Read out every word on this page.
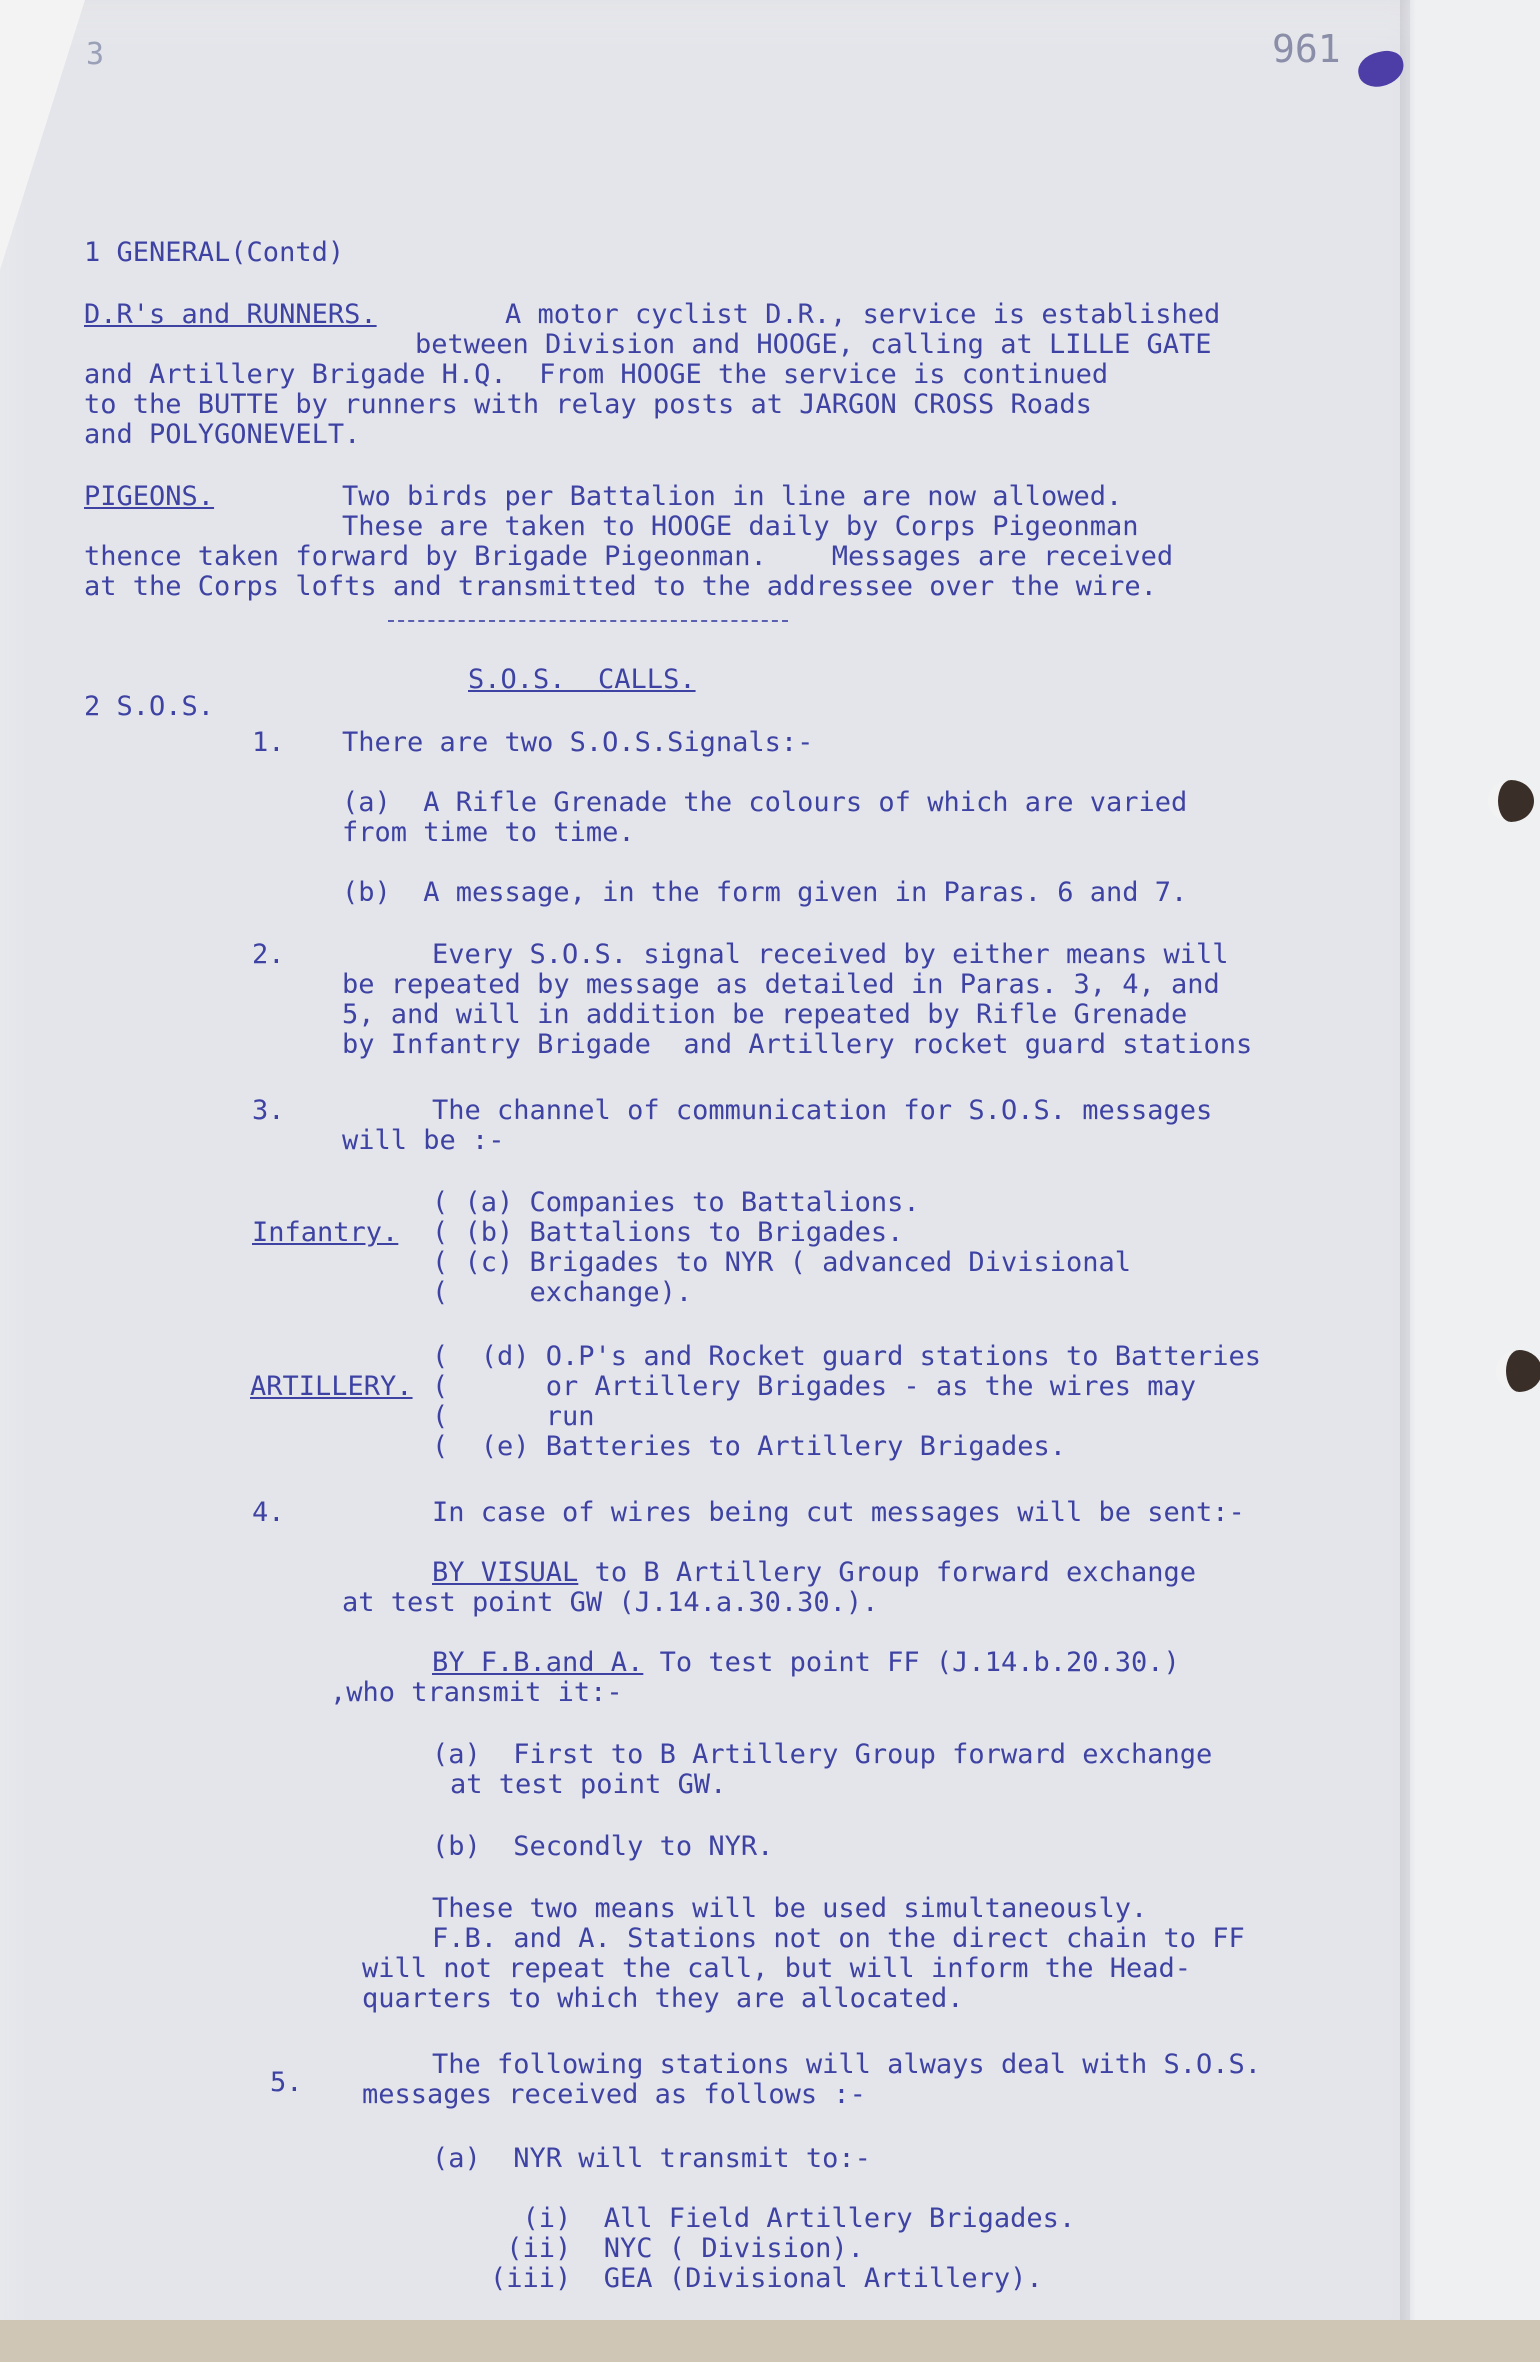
3	961
1 GENERAL(Contd)
D.R's and RUNNERS.	A motor cyclist D.R., service is established
between Division and HOOGE, calling at LILLE GATE
and Artillery Brigade H.Q.  From HOOGE the service is continued
to the BUTTE by runners with relay posts at JARGON CROSS Roads
and POLYGONEVELT.
PIGEONS.	Two birds per Battalion in line are now allowed.
These are taken to HOOGE daily by Corps Pigeonman
thence taken forward by Brigade Pigeonman.    Messages are received
at the Corps lofts and transmitted to the addressee over the wire.
S.O.S.  CALLS.
2 S.O.S.
1. There are two S.O.S.Signals:-
(a)  A Rifle Grenade the colours of which are varied
from time to time.
(b)  A message, in the form given in Paras. 6 and 7.
2.	Every S.O.S. signal received by either means will
be repeated by message as detailed in Paras. 3, 4, and
5, and will in addition be repeated by Rifle Grenade
by Infantry Brigade  and Artillery rocket guard stations
3.	The channel of communication for S.O.S. messages
will be :-
( (a) Companies to Battalions.
Infantry. ( (b) Battalions to Brigades.
( (c) Brigades to NYR ( advanced Divisional
(     exchange).
(  (d) O.P's and Rocket guard stations to Batteries
ARTILLERY. (      or Artillery Brigades - as the wires may
(      run
(  (e) Batteries to Artillery Brigades.
4.	In case of wires being cut messages will be sent:-
BY VISUAL to B Artillery Group forward exchange
at test point GW (J.14.a.30.30.).
BY F.B.and A. To test point FF (J.14.b.20.30.)
,who transmit it:-
(a)  First to B Artillery Group forward exchange
at test point GW.
(b)  Secondly to NYR.
These two means will be used simultaneously.
F.B. and A. Stations not on the direct chain to FF
will not repeat the call, but will inform the Head-
quarters to which they are allocated.
5.
The following stations will always deal with S.O.S.
messages received as follows :-
(a)  NYR will transmit to:-
(i)  All Field Artillery Brigades.
(ii)  NYC ( Division).
(iii)  GEA (Divisional Artillery).
